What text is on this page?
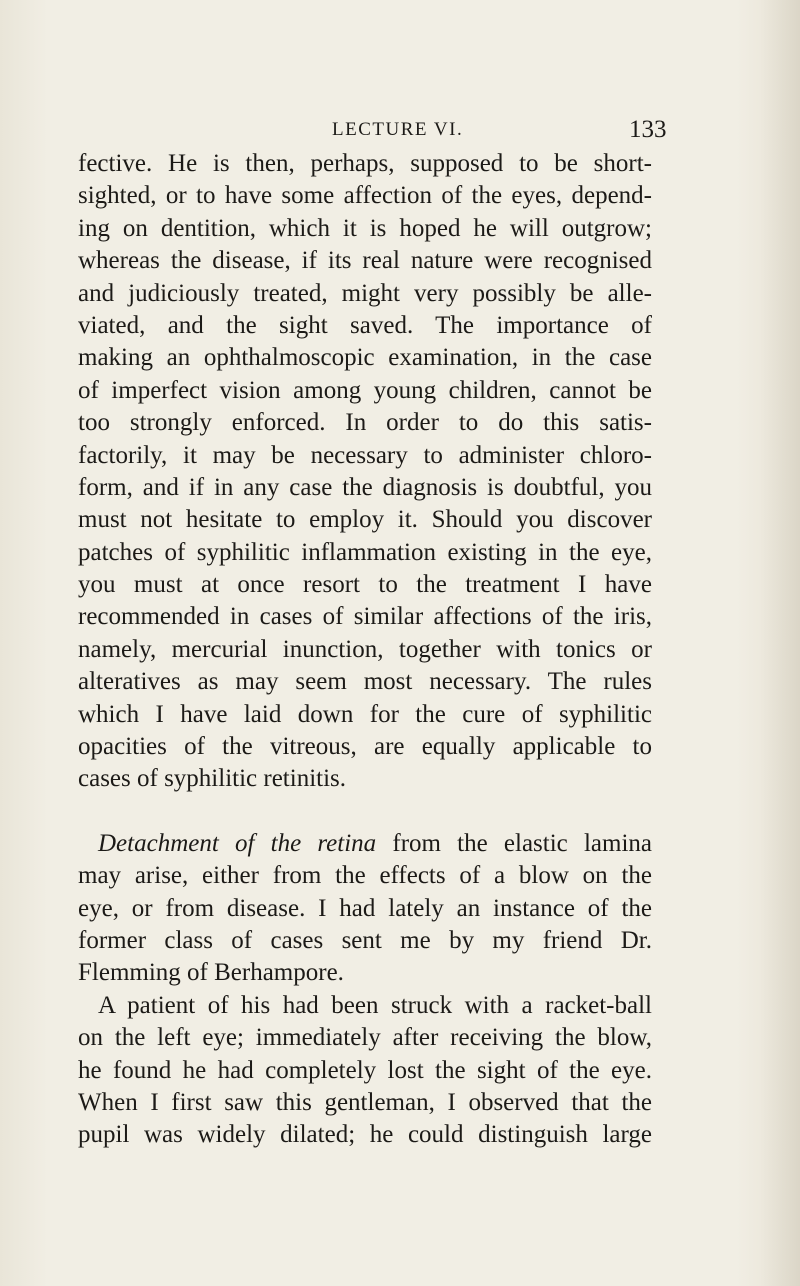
LECTURE VI.	133
fective. He is then, perhaps, supposed to be short-
sighted, or to have some affection of the eyes, depend-
ing on dentition, which it is hoped he will outgrow;
whereas the disease, if its real nature were recognised
and judiciously treated, might very possibly be alle-
viated, and the sight saved. The importance of
making an ophthalmoscopic examination, in the case
of imperfect vision among young children, cannot be
too strongly enforced. In order to do this satis-
factorily, it may be necessary to administer chloro-
form, and if in any case the diagnosis is doubtful, you
must not hesitate to employ it. Should you discover
patches of syphilitic inflammation existing in the eye,
you must at once resort to the treatment I have
recommended in cases of similar affections of the iris,
namely, mercurial inunction, together with tonics or
alteratives as may seem most necessary. The rules
which I have laid down for the cure of syphilitic
opacities of the vitreous, are equally applicable to
cases of syphilitic retinitis.
Detachment of the retina from the elastic lamina
may arise, either from the effects of a blow on the
eye, or from disease. I had lately an instance of the
former class of cases sent me by my friend Dr.
Flemming of Berhampore.
A patient of his had been struck with a racket-ball
on the left eye; immediately after receiving the blow,
he found he had completely lost the sight of the eye.
When I first saw this gentleman, I observed that the
pupil was widely dilated; he could distinguish large
